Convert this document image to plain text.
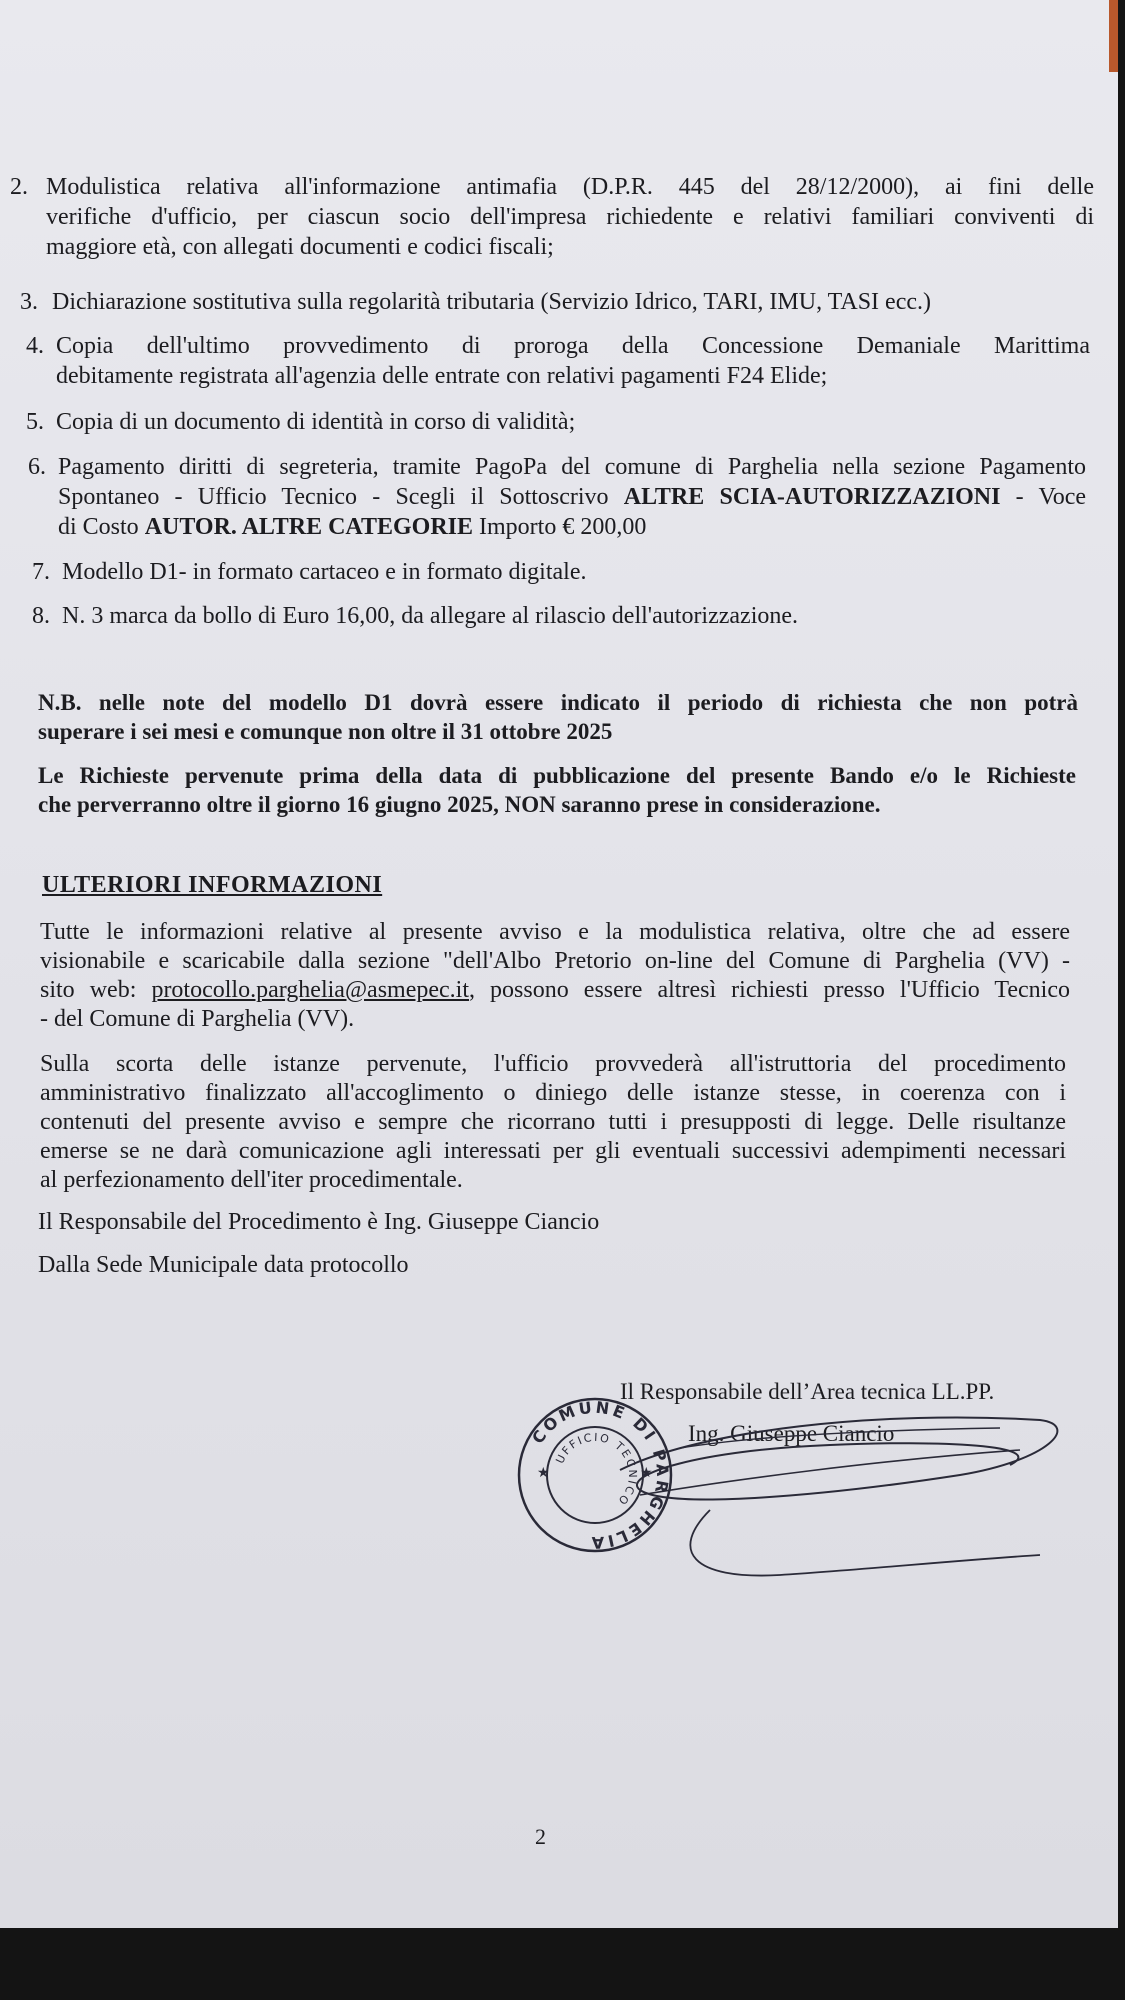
2. Modulistica relativa all'informazione antimafia (D.P.R. 445 del 28/12/2000), ai fini delle
verifiche d'ufficio, per ciascun socio dell'impresa richiedente e relativi familiari conviventi di
maggiore età, con allegati documenti e codici fiscali;
3. Dichiarazione sostitutiva sulla regolarità tributaria (Servizio Idrico, TARI, IMU, TASI ecc.)
4. Copia dell'ultimo provvedimento di proroga della Concessione Demaniale Marittima
debitamente registrata all'agenzia delle entrate con relativi pagamenti F24 Elide;
5. Copia di un documento di identità in corso di validità;
6. Pagamento diritti di segreteria, tramite PagoPa del comune di Parghelia nella sezione Pagamento
Spontaneo - Ufficio Tecnico - Scegli il Sottoscrivo ALTRE SCIA-AUTORIZZAZIONI - Voce
di Costo AUTOR. ALTRE CATEGORIE Importo € 200,00
7. Modello D1- in formato cartaceo e in formato digitale.
8. N. 3 marca da bollo di Euro 16,00, da allegare al rilascio dell'autorizzazione.
N.B. nelle note del modello D1 dovrà essere indicato il periodo di richiesta che non potrà
superare i sei mesi e comunque non oltre il 31 ottobre 2025
Le Richieste pervenute prima della data di pubblicazione del presente Bando e/o le Richieste
che perverranno oltre il giorno 16 giugno 2025, NON saranno prese in considerazione.
ULTERIORI INFORMAZIONI
Tutte le informazioni relative al presente avviso e la modulistica relativa, oltre che ad essere
visionabile e scaricabile dalla sezione "dell'Albo Pretorio on-line del Comune di Parghelia (VV) -
sito web: protocollo.parghelia@asmepec.it, possono essere altresì richiesti presso l'Ufficio Tecnico
- del Comune di Parghelia (VV).
Sulla scorta delle istanze pervenute, l'ufficio provvederà all'istruttoria del procedimento
amministrativo finalizzato all'accoglimento o diniego delle istanze stesse, in coerenza con i
contenuti del presente avviso e sempre che ricorrano tutti i presupposti di legge. Delle risultanze
emerse se ne darà comunicazione agli interessati per gli eventuali successivi adempimenti necessari
al perfezionamento dell'iter procedimentale.
Il Responsabile del Procedimento è Ing. Giuseppe Ciancio
Dalla Sede Municipale data protocollo
Il Responsabile dell’Area tecnica LL.PP.
Ing. Giuseppe Ciancio
COMUNE DI PARGHELIA
UFFICIO TECNICO
★
★
2
